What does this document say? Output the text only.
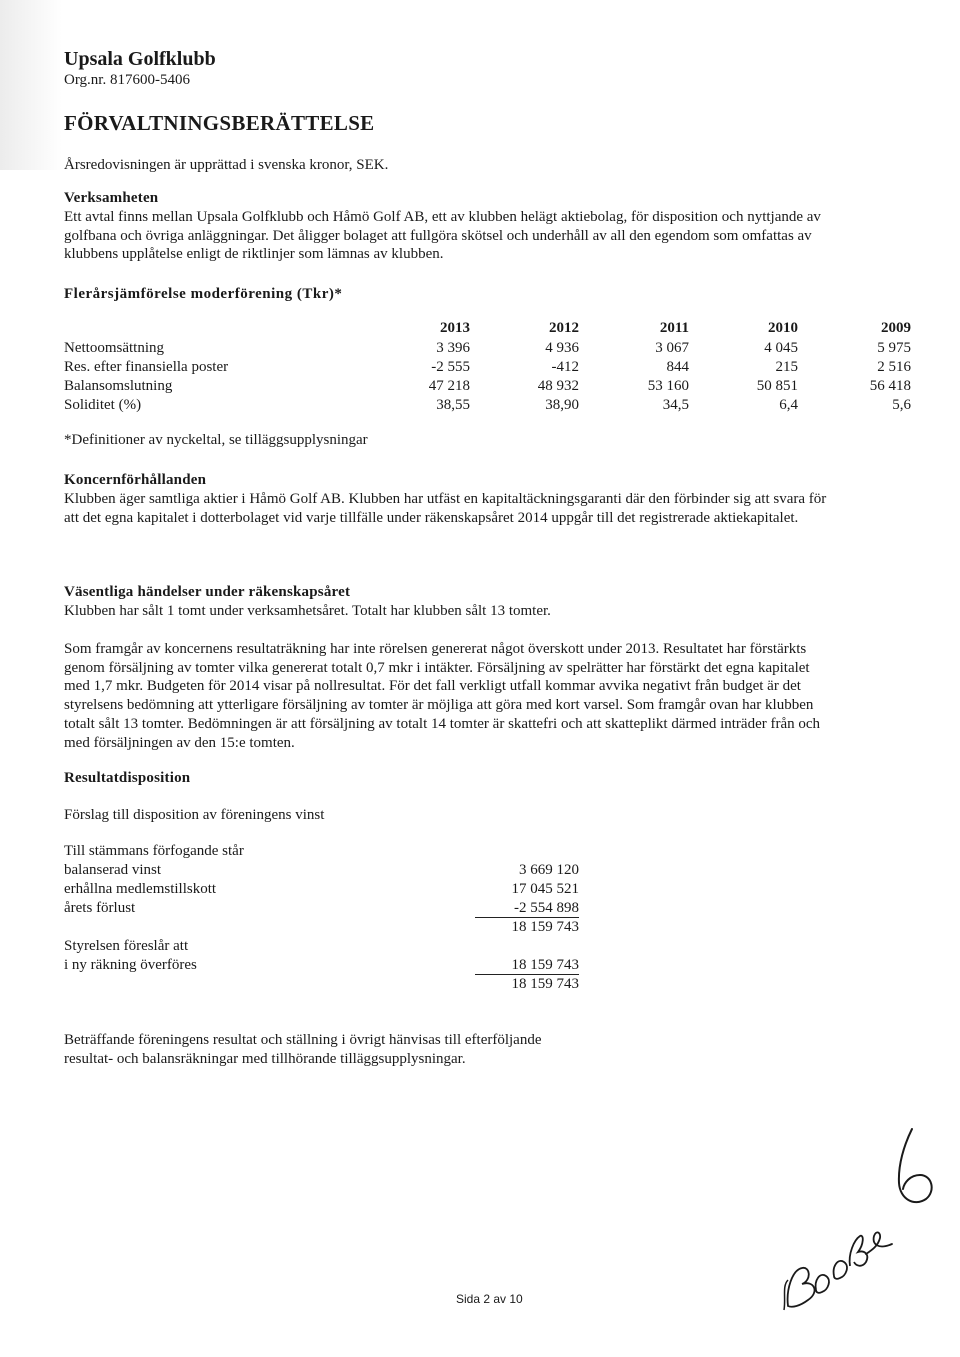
Upsala Golfklubb
Org.nr. 817600-5406
FÖRVALTNINGSBERÄTTELSE
Årsredovisningen är upprättad i svenska kronor, SEK.
Verksamheten
Ett avtal finns mellan Upsala Golfklubb och Håmö Golf AB, ett av klubben helägt aktiebolag, för disposition och nyttjande av
golfbana och övriga anläggningar. Det åligger bolaget att fullgöra skötsel och underhåll av all den egendom som omfattas av
klubbens upplåtelse enligt de riktlinjer som lämnas av klubben.
Flerårsjämförelse moderförening (Tkr)*
2013	2012	2011	2010	2009
Nettoomsättning	3 396	4 936	3 067	4 045	5 975
Res. efter finansiella poster	-2 555	-412	844	215	2 516
Balansomslutning	47 218	48 932	53 160	50 851	56 418
Soliditet (%)	38,55	38,90	34,5	6,4	5,6
*Definitioner av nyckeltal, se tilläggsupplysningar
Koncernförhållanden
Klubben äger samtliga aktier i Håmö Golf AB. Klubben har utfäst en kapitaltäckningsgaranti där den förbinder sig att svara för
att det egna kapitalet i dotterbolaget vid varje tillfälle under räkenskapsåret 2014 uppgår till det registrerade aktiekapitalet.
Väsentliga händelser under räkenskapsåret
Klubben har sålt 1 tomt under verksamhetsåret. Totalt har klubben sålt 13 tomter.
Som framgår av koncernens resultaträkning har inte rörelsen genererat något överskott under 2013. Resultatet har förstärkts
genom försäljning av tomter vilka genererat totalt 0,7 mkr i intäkter. Försäljning av spelrätter har förstärkt det egna kapitalet
med 1,7 mkr. Budgeten för 2014 visar på nollresultat. För det fall verkligt utfall kommar avvika negativt från budget är det
styrelsens bedömning att ytterligare försäljning av tomter är möjliga att göra med kort varsel. Som framgår ovan har klubben
totalt sålt 13 tomter. Bedömningen är att försäljning av totalt 14 tomter är skattefri och att skatteplikt därmed inträder från och
med försäljningen av den 15:e tomten.
Resultatdisposition
Förslag till disposition av föreningens vinst
Till stämmans förfogande står
balanserad vinst	3 669 120
erhållna medlemstillskott	17 045 521
årets förlust	-2 554 898
18 159 743
Styrelsen föreslår att
i ny räkning överföres	18 159 743
18 159 743
Beträffande föreningens resultat och ställning i övrigt hänvisas till efterföljande
resultat- och balansräkningar med tillhörande tilläggsupplysningar.
Sida 2 av 10
